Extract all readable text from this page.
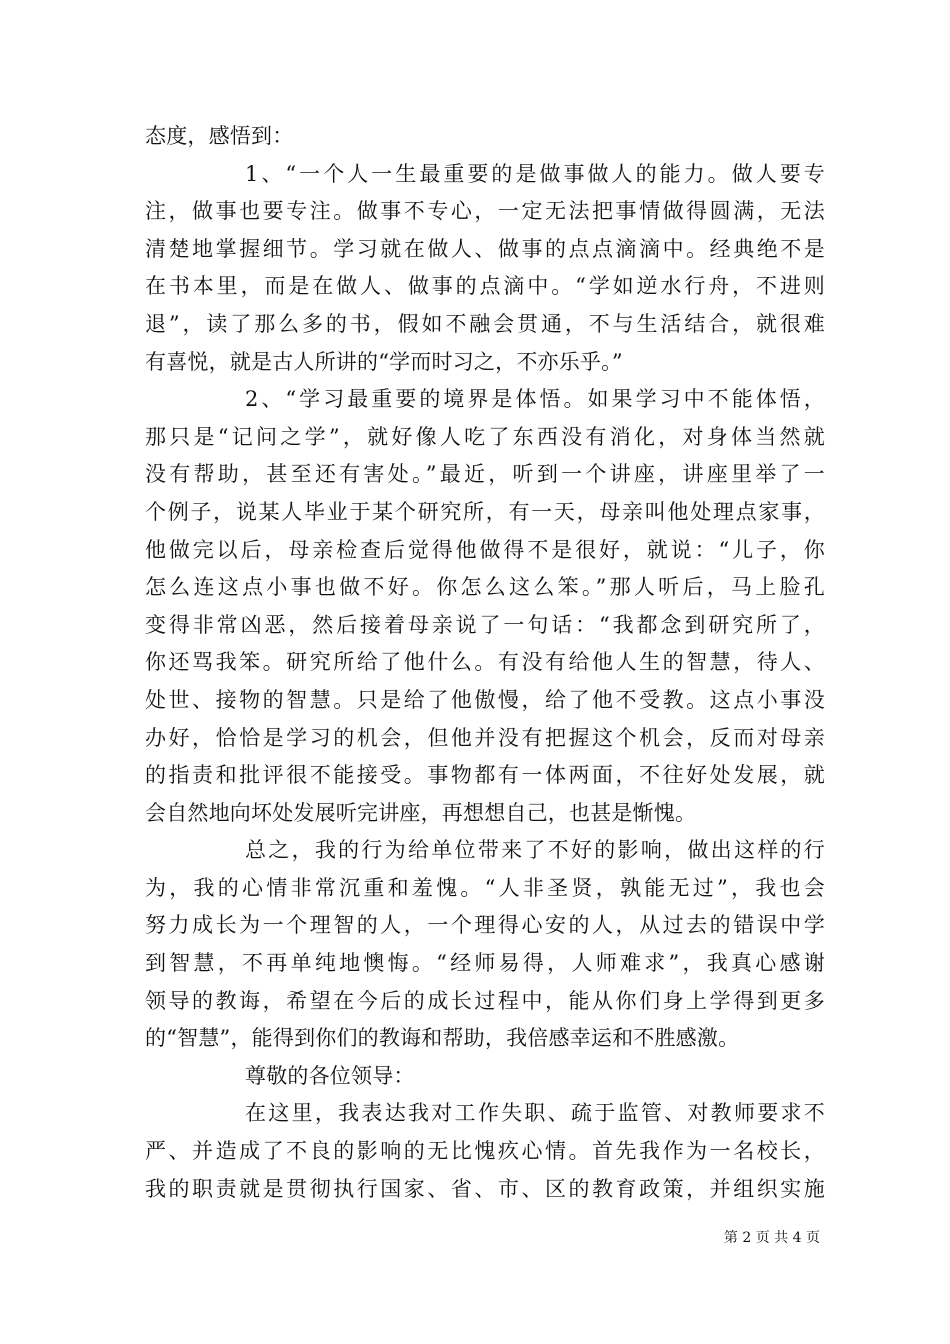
态度，感悟到：
1、“一个人一生最重要的是做事做人的能力。做人要专
注，做事也要专注。做事不专心，一定无法把事情做得圆满，无法
清楚地掌握细节。学习就在做人、做事的点点滴滴中。经典绝不是
在书本里，而是在做人、做事的点滴中。“学如逆水行舟，不进则
退”，读了那么多的书，假如不融会贯通，不与生活结合，就很难
有喜悦，就是古人所讲的“学而时习之，不亦乐乎。”
2、“学习最重要的境界是体悟。如果学习中不能体悟，
那只是“记问之学”，就好像人吃了东西没有消化，对身体当然就
没有帮助，甚至还有害处。”最近，听到一个讲座，讲座里举了一
个例子，说某人毕业于某个研究所，有一天，母亲叫他处理点家事，
他做完以后，母亲检查后觉得他做得不是很好，就说：“儿子，你
怎么连这点小事也做不好。你怎么这么笨。”那人听后，马上脸孔
变得非常凶恶，然后接着母亲说了一句话：“我都念到研究所了，
你还骂我笨。研究所给了他什么。有没有给他人生的智慧，待人、
处世、接物的智慧。只是给了他傲慢，给了他不受教。这点小事没
办好，恰恰是学习的机会，但他并没有把握这个机会，反而对母亲
的指责和批评很不能接受。事物都有一体两面，不往好处发展，就
会自然地向坏处发展听完讲座，再想想自己，也甚是惭愧。
总之，我的行为给单位带来了不好的影响，做出这样的行
为，我的心情非常沉重和羞愧。“人非圣贤，孰能无过”，我也会
努力成长为一个理智的人，一个理得心安的人，从过去的错误中学
到智慧，不再单纯地懊悔。“经师易得，人师难求”，我真心感谢
领导的教诲，希望在今后的成长过程中，能从你们身上学得到更多
的“智慧”，能得到你们的教诲和帮助，我倍感幸运和不胜感激。
尊敬的各位领导：
在这里，我表达我对工作失职、疏于监管、对教师要求不
严、并造成了不良的影响的无比愧疚心情。首先我作为一名校长，
我的职责就是贯彻执行国家、省、市、区的教育政策，并组织实施
第 2 页 共 4 页
